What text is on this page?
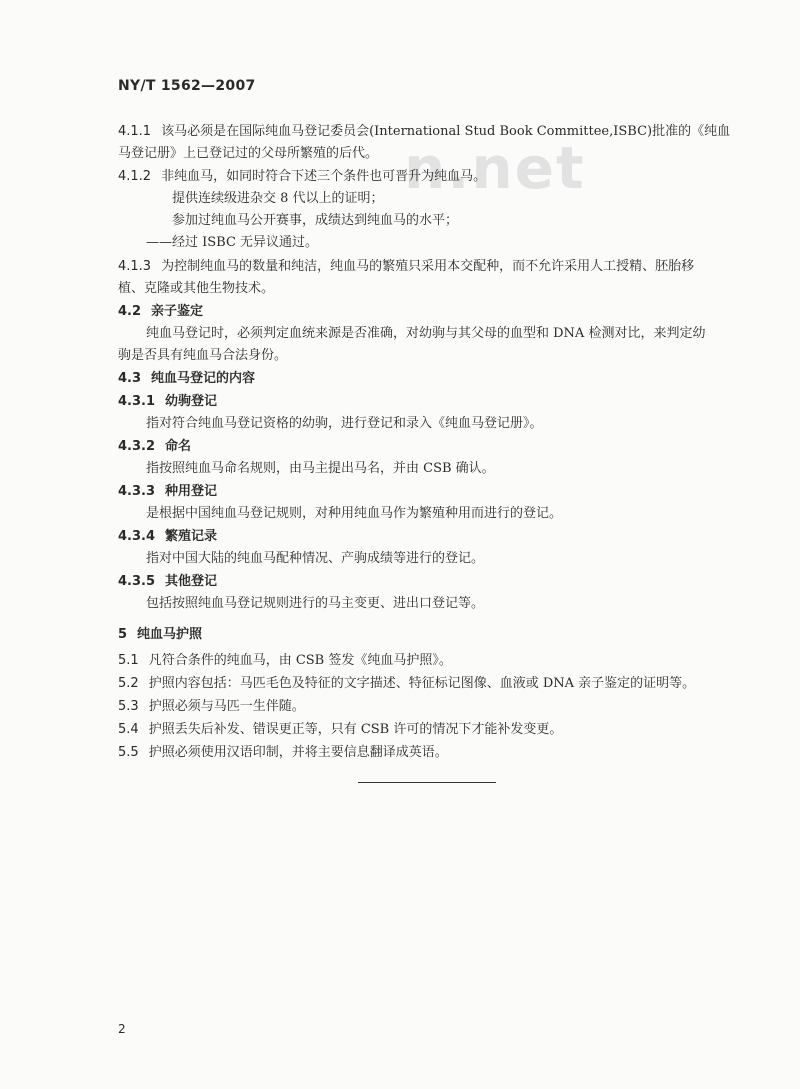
NY/T 1562—2007
n.net
4.1.1 该马必须是在国际纯血马登记委员会(International Stud Book Committee,ISBC)批准的《纯血
马登记册》上已登记过的父母所繁殖的后代。
4.1.2 非纯血马，如同时符合下述三个条件也可晋升为纯血马。
提供连续级进杂交 8 代以上的证明；
参加过纯血马公开赛事，成绩达到纯血马的水平；
——经过 ISBC 无异议通过。
4.1.3 为控制纯血马的数量和纯洁，纯血马的繁殖只采用本交配种，而不允许采用人工授精、胚胎移
植、克隆或其他生物技术。
4.2 亲子鉴定
纯血马登记时，必须判定血统来源是否准确，对幼驹与其父母的血型和 DNA 检测对比，来判定幼
驹是否具有纯血马合法身份。
4.3 纯血马登记的内容
4.3.1 幼驹登记
指对符合纯血马登记资格的幼驹，进行登记和录入《纯血马登记册》。
4.3.2 命名
指按照纯血马命名规则，由马主提出马名，并由 CSB 确认。
4.3.3 种用登记
是根据中国纯血马登记规则，对种用纯血马作为繁殖种用而进行的登记。
4.3.4 繁殖记录
指对中国大陆的纯血马配种情况、产驹成绩等进行的登记。
4.3.5 其他登记
包括按照纯血马登记规则进行的马主变更、进出口登记等。
5 纯血马护照
5.1 凡符合条件的纯血马，由 CSB 签发《纯血马护照》。
5.2 护照内容包括：马匹毛色及特征的文字描述、特征标记图像、血液或 DNA 亲子鉴定的证明等。
5.3 护照必须与马匹一生伴随。
5.4 护照丢失后补发、错误更正等，只有 CSB 许可的情况下才能补发变更。
5.5 护照必须使用汉语印制，并将主要信息翻译成英语。
2
